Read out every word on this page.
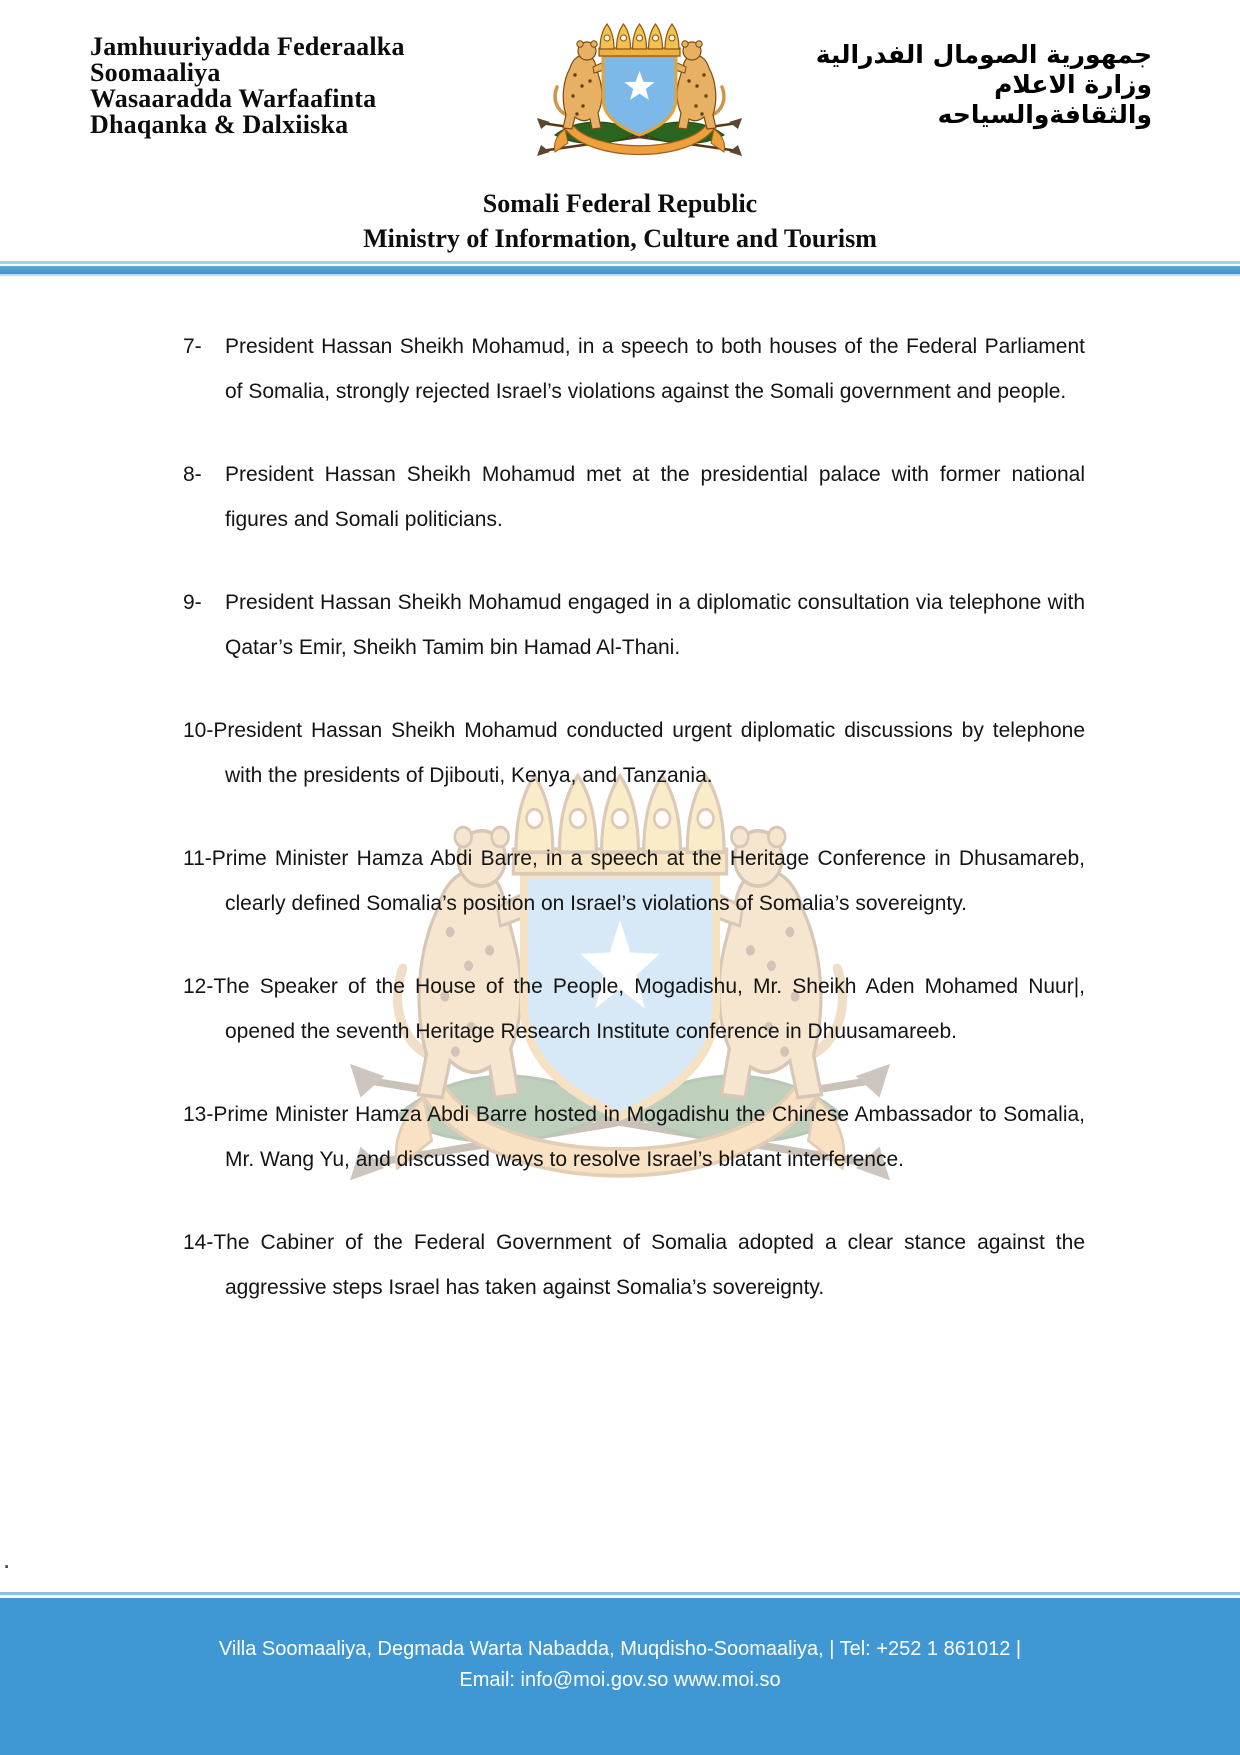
Jamhuuriyadda Federaalka
Soomaaliya
Wasaaradda Warfaafinta
Dhaqanka & Dalxiiska
جمهورية الصومال الفدرالية
وزارة الاعلام
والثقافةوالسياحه
Somali Federal Republic
Ministry of Information, Culture and Tourism

7- President Hassan Sheikh Mohamud, in a speech to both houses of the Federal Parliament of Somalia, strongly rejected Israel’s violations against the Somali government and people.

8- President Hassan Sheikh Mohamud met at the presidential palace with former national figures and Somali politicians.

9- President Hassan Sheikh Mohamud engaged in a diplomatic consultation via telephone with Qatar’s Emir, Sheikh Tamim bin Hamad Al-Thani.

10-President Hassan Sheikh Mohamud conducted urgent diplomatic discussions by telephone with the presidents of Djibouti, Kenya, and Tanzania.

11-Prime Minister Hamza Abdi Barre, in a speech at the Heritage Conference in Dhusamareb, clearly defined Somalia’s position on Israel’s violations of Somalia’s sovereignty.

12-The Speaker of the House of the People, Mogadishu, Mr. Sheikh Aden Mohamed Nuur|, opened the seventh Heritage Research Institute conference in Dhuusamareeb.

13-Prime Minister Hamza Abdi Barre hosted in Mogadishu the Chinese Ambassador to Somalia, Mr. Wang Yu, and discussed ways to resolve Israel’s blatant interference.

14-The Cabiner of the Federal Government of Somalia adopted a clear stance against the aggressive steps Israel has taken against Somalia’s sovereignty.

.
Villa Soomaaliya, Degmada Warta Nabadda, Muqdisho-Soomaaliya, | Tel: +252 1 861012 |
Email: info@moi.gov.so www.moi.so
